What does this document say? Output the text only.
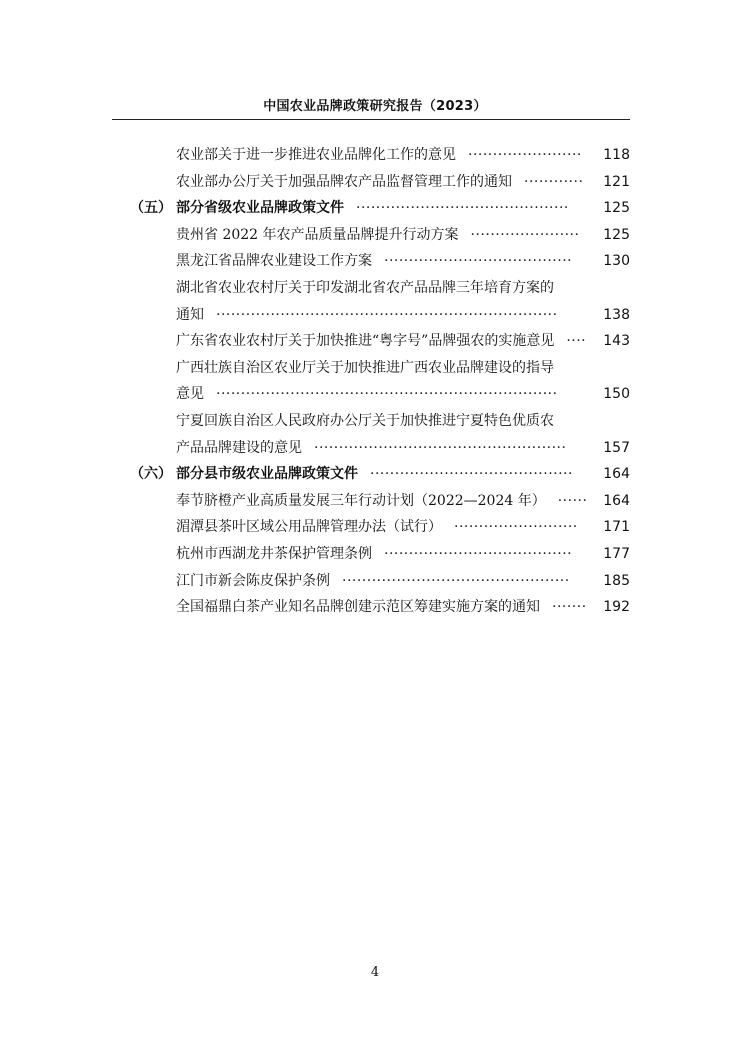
中国农业品牌政策研究报告（2023）
农业部关于进一步推进农业品牌化工作的意见 ·······················	118
农业部办公厅关于加强品牌农产品监督管理工作的通知 ············	121
（五） 部分省级农业品牌政策文件 ···········································	125
贵州省 2022 年农产品质量品牌提升行动方案 ······················	125
黑龙江省品牌农业建设工作方案 ······································	130
湖北省农业农村厅关于印发湖北省农产品品牌三年培育方案的
通知 ·····································································	138
广东省农业农村厅关于加快推进“粤字号”品牌强农的实施意见 ····	143
广西壮族自治区农业厅关于加快推进广西农业品牌建设的指导
意见 ·····································································	150
宁夏回族自治区人民政府办公厅关于加快推进宁夏特色优质农
产品品牌建设的意见 ···················································	157
（六） 部分县市级农业品牌政策文件 ·········································	164
奉节脐橙产业高质量发展三年行动计划（2022—2024 年） ······	164
湄潭县茶叶区域公用品牌管理办法（试行） ·························	171
杭州市西湖龙井茶保护管理条例 ······································	177
江门市新会陈皮保护条例 ··············································	185
全国福鼎白茶产业知名品牌创建示范区筹建实施方案的通知 ·······	192
4
